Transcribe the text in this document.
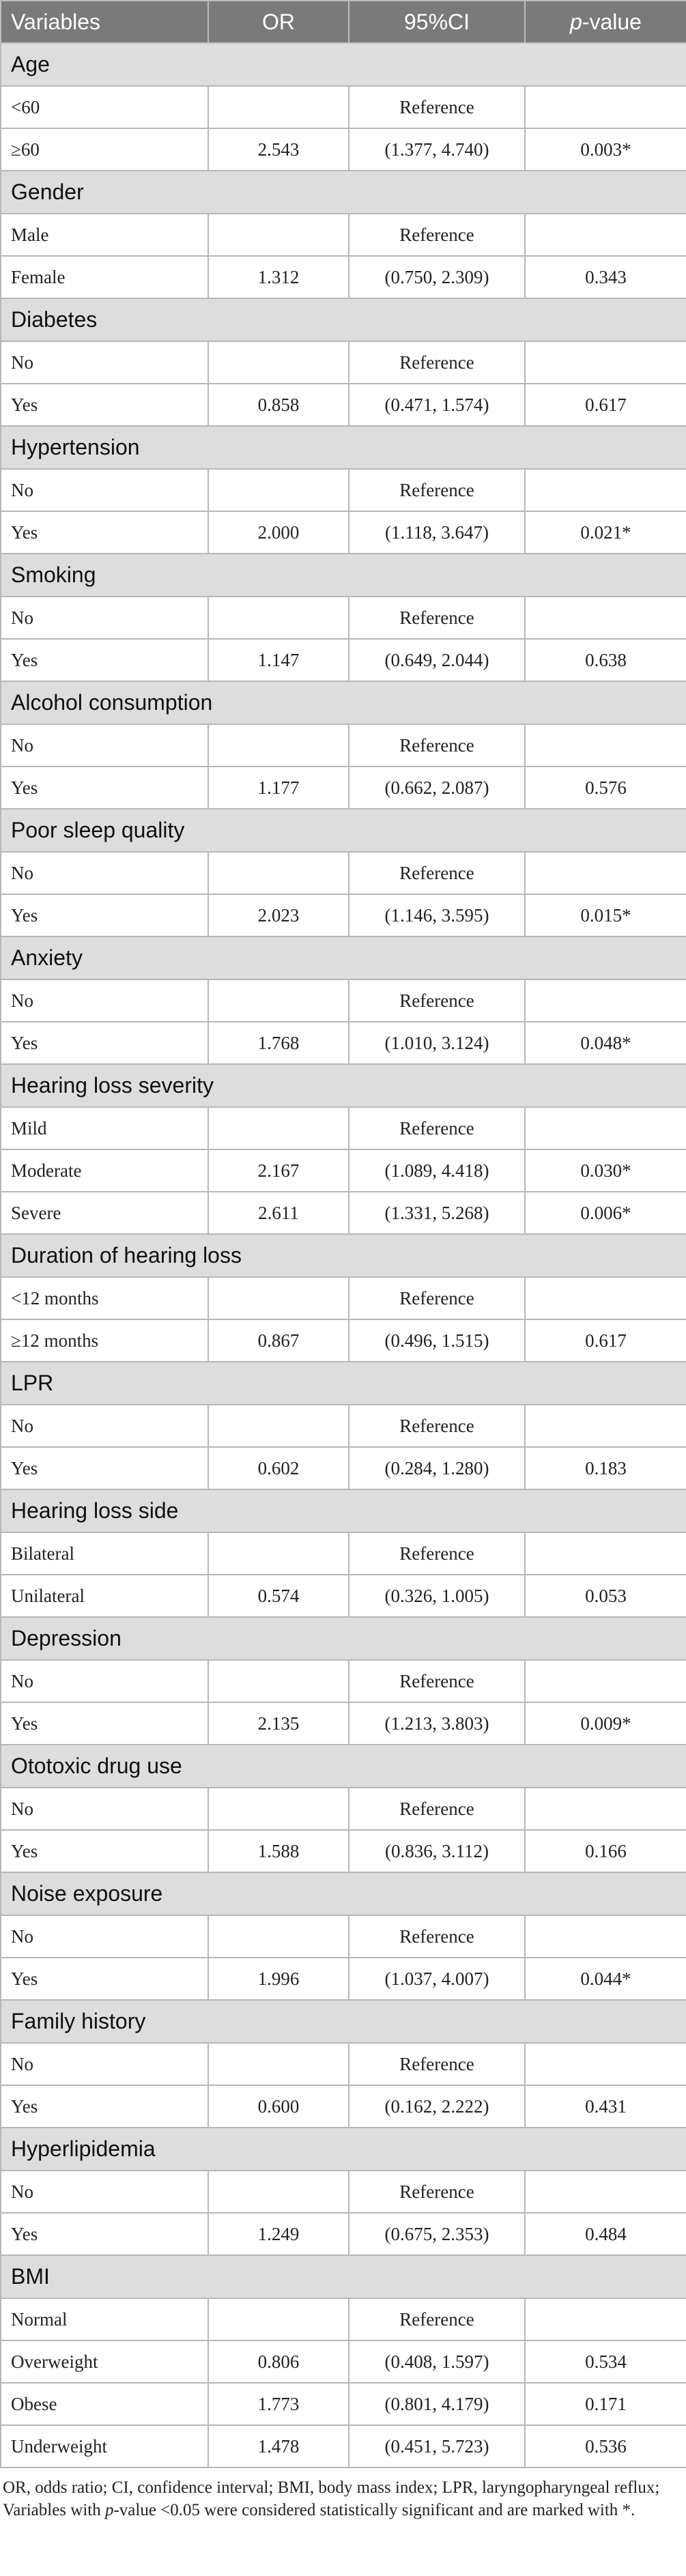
Variables	OR	95%CI	p-value
Age			
<60		Reference	
≥60	2.543	(1.377, 4.740)	0.003*
Gender			
Male		Reference	
Female	1.312	(0.750, 2.309)	0.343
Diabetes			
No		Reference	
Yes	0.858	(0.471, 1.574)	0.617
Hypertension			
No		Reference	
Yes	2.000	(1.118, 3.647)	0.021*
Smoking			
No		Reference	
Yes	1.147	(0.649, 2.044)	0.638
Alcohol consumption			
No		Reference	
Yes	1.177	(0.662, 2.087)	0.576
Poor sleep quality			
No		Reference	
Yes	2.023	(1.146, 3.595)	0.015*
Anxiety			
No		Reference	
Yes	1.768	(1.010, 3.124)	0.048*
Hearing loss severity			
Mild		Reference	
Moderate	2.167	(1.089, 4.418)	0.030*
Severe	2.611	(1.331, 5.268)	0.006*
Duration of hearing loss			
<12 months		Reference	
≥12 months	0.867	(0.496, 1.515)	0.617
LPR			
No		Reference	
Yes	0.602	(0.284, 1.280)	0.183
Hearing loss side			
Bilateral		Reference	
Unilateral	0.574	(0.326, 1.005)	0.053
Depression			
No		Reference	
Yes	2.135	(1.213, 3.803)	0.009*
Ototoxic drug use			
No		Reference	
Yes	1.588	(0.836, 3.112)	0.166
Noise exposure			
No		Reference	
Yes	1.996	(1.037, 4.007)	0.044*
Family history			
No		Reference	
Yes	0.600	(0.162, 2.222)	0.431
Hyperlipidemia			
No		Reference	
Yes	1.249	(0.675, 2.353)	0.484
BMI			
Normal		Reference	
Overweight	0.806	(0.408, 1.597)	0.534
Obese	1.773	(0.801, 4.179)	0.171
Underweight	1.478	(0.451, 5.723)	0.536
OR, odds ratio; CI, confidence interval; BMI, body mass index; LPR, laryngopharyngeal reflux; Variables with p-value <0.05 were considered statistically significant and are marked with *.
